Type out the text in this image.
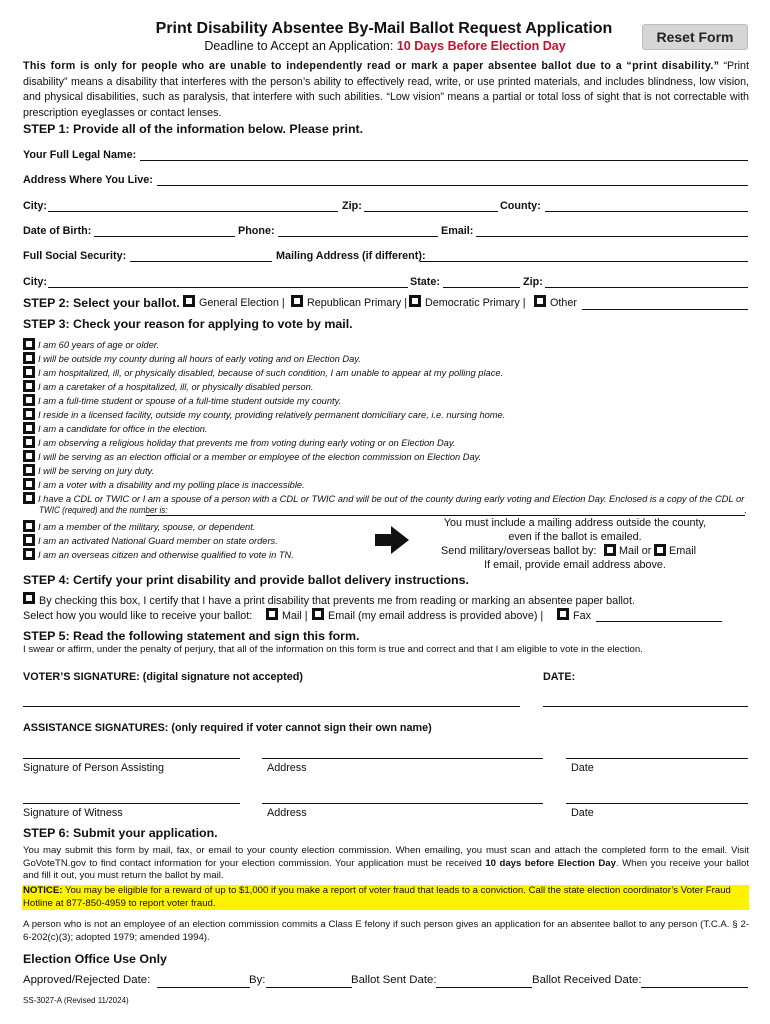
Print Disability Absentee By-Mail Ballot Request Application
Deadline to Accept an Application: 10 Days Before Election Day
Reset Form
This form is only for people who are unable to independently read or mark a paper absentee ballot due to a “print disability.” “Print disability” means a disability that interferes with the person’s ability to effectively read, write, or use printed materials, and includes blindness, low vision, and physical disabilities, such as paralysis, that interfere with such abilities. “Low vision” means a partial or total loss of sight that is not correctable with prescription eyeglasses or contact lenses.
STEP 1: Provide all of the information below. Please print.
Your Full Legal Name:
Address Where You Live:
City:	Zip:	County:
Date of Birth:	Phone:	Email:
Full Social Security:	Mailing Address (if different):
City:	State:	Zip:
STEP 2: Select your ballot. General Election | Republican Primary | Democratic Primary | Other
STEP 3: Check your reason for applying to vote by mail.
I am 60 years of age or older.
I will be outside my county during all hours of early voting and on Election Day.
I am hospitalized, ill, or physically disabled, because of such condition, I am unable to appear at my polling place.
I am a caretaker of a hospitalized, ill, or physically disabled person.
I am a full-time student or spouse of a full-time student outside my county.
I reside in a licensed facility, outside my county, providing relatively permanent domiciliary care, i.e. nursing home.
I am a candidate for office in the election.
I am observing a religious holiday that prevents me from voting during early voting or on Election Day.
I will be serving as an election official or a member or employee of the election commission on Election Day.
I will be serving on jury duty.
I am a voter with a disability and my polling place is inaccessible.
I have a CDL or TWIC or I am a spouse of a person with a CDL or TWIC and will be out of the county during early voting and Election Day. Enclosed is a copy of the CDL or
TWIC (required) and the number is:	.
I am a member of the military, spouse, or dependent.
I am an activated National Guard member on state orders.
I am an overseas citizen and otherwise qualified to vote in TN.
You must include a mailing address outside the county,
even if the ballot is emailed.
Send military/overseas ballot by: Mail or Email
If email, provide email address above.
STEP 4: Certify your print disability and provide ballot delivery instructions.
By checking this box, I certify that I have a print disability that prevents me from reading or marking an absentee paper ballot.
Select how you would like to receive your ballot:	Mail | Email (my email address is provided above) |	Fax
STEP 5: Read the following statement and sign this form.
I swear or affirm, under the penalty of perjury, that all of the information on this form is true and correct and that I am eligible to vote in the election.
VOTER’S SIGNATURE: (digital signature not accepted)	DATE:
ASSISTANCE SIGNATURES: (only required if voter cannot sign their own name)
Signature of Person Assisting	Address	Date
Signature of Witness	Address	Date
STEP 6: Submit your application.
You may submit this form by mail, fax, or email to your county election commission. When emailing, you must scan and attach the completed form to the email. Visit GoVoteTN.gov to find contact information for your election commission. Your application must be received 10 days before Election Day. When you receive your ballot and fill it out, you must return the ballot by mail.
NOTICE: You may be eligible for a reward of up to $1,000 if you make a report of voter fraud that leads to a conviction. Call the state election coordinator’s Voter Fraud Hotline at 877-850-4959 to report voter fraud.
A person who is not an employee of an election commission commits a Class E felony if such person gives an application for an absentee ballot to any person (T.C.A. § 2-6-202(c)(3); adopted 1979; amended 1994).
Election Office Use Only
Approved/Rejected Date:	By:	Ballot Sent Date:	Ballot Received Date:
SS-3027-A (Revised 11/2024)
